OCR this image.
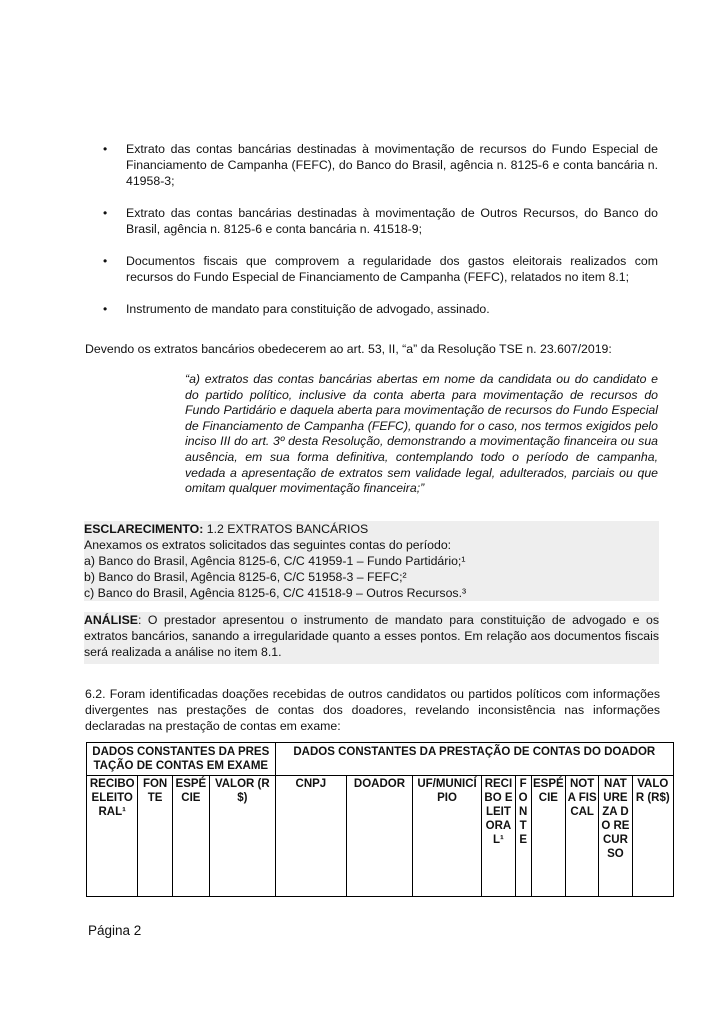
• Extrato das contas bancárias destinadas à movimentação de recursos do Fundo Especial de Financiamento de Campanha (FEFC), do Banco do Brasil, agência n. 8125-6 e conta bancária n. 41958-3;
• Extrato das contas bancárias destinadas à movimentação de Outros Recursos, do Banco do Brasil, agência n. 8125-6 e conta bancária n. 41518-9;
• Documentos fiscais que comprovem a regularidade dos gastos eleitorais realizados com recursos do Fundo Especial de Financiamento de Campanha (FEFC), relatados no item 8.1;
• Instrumento de mandato para constituição de advogado, assinado.
Devendo os extratos bancários obedecerem ao art. 53, II, “a” da Resolução TSE n. 23.607/2019:
“a) extratos das contas bancárias abertas em nome da candidata ou do candidato e do partido político, inclusive da conta aberta para movimentação de recursos do Fundo Partidário e daquela aberta para movimentação de recursos do Fundo Especial de Financiamento de Campanha (FEFC), quando for o caso, nos termos exigidos pelo inciso III do art. 3º desta Resolução, demonstrando a movimentação financeira ou sua ausência, em sua forma definitiva, contemplando todo o período de campanha, vedada a apresentação de extratos sem validade legal, adulterados, parciais ou que omitam qualquer movimentação financeira;”
ESCLARECIMENTO: 1.2 EXTRATOS BANCÁRIOS
Anexamos os extratos solicitados das seguintes contas do período:
a) Banco do Brasil, Agência 8125-6, C/C 41959-1 – Fundo Partidário;¹
b) Banco do Brasil, Agência 8125-6, C/C 51958-3 – FEFC;²
c) Banco do Brasil, Agência 8125-6, C/C 41518-9 – Outros Recursos.³
ANÁLISE: O prestador apresentou o instrumento de mandato para constituição de advogado e os extratos bancários, sanando a irregularidade quanto a esses pontos. Em relação aos documentos fiscais será realizada a análise no item 8.1.
6.2. Foram identificadas doações recebidas de outros candidatos ou partidos políticos com informações divergentes nas prestações de contas dos doadores, revelando inconsistência nas informações declaradas na prestação de contas em exame:
DADOS CONSTANTES DA PRESTAÇÃO DE CONTAS EM EXAME				DADOS CONSTANTES DA PRESTAÇÃO DE CONTAS DO DOADOR								
RECIBO ELEITORAL¹	FONTE	ESPÉCIE	VALOR (R$)	CNPJ	DOADOR	UF/MUNICÍPIO	RECIBO ELEITORAL¹	FONTE	ESPÉCIE	NOTA FISCAL	NATUREZA DO RECURSO	VALOR (R$)
Página 2
